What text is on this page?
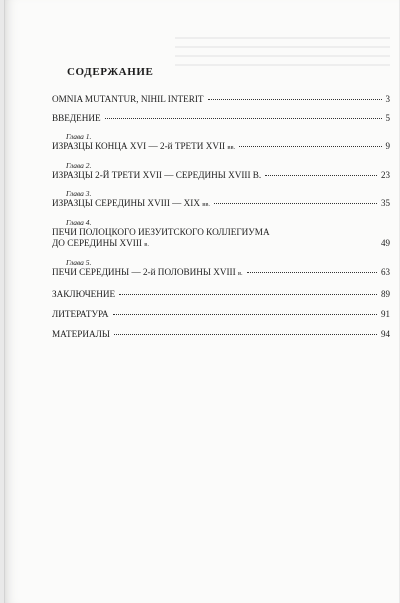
СОДЕРЖАНИЕ
OMNIA MUTANTUR, NIHIL INTERIT	3
ВВЕДЕНИЕ	5
Глава 1.
ИЗРАЗЦЫ КОНЦА XVI — 2-й ТРЕТИ XVII вв.	9
Глава 2.
ИЗРАЗЦЫ 2-Й ТРЕТИ XVII — СЕРЕДИНЫ XVIII В.	23
Глава 3.
ИЗРАЗЦЫ СЕРЕДИНЫ XVIII — XIX вв.	35
Глава 4.
ПЕЧИ ПОЛОЦКОГО ИЕЗУИТСКОГО КОЛЛЕГИУМА
ДО СЕРЕДИНЫ XVIII в.	49
Глава 5.
ПЕЧИ СЕРЕДИНЫ — 2-й ПОЛОВИНЫ XVIII в.	63
ЗАКЛЮЧЕНИЕ	89
ЛИТЕРАТУРА	91
МАТЕРИАЛЫ	94
